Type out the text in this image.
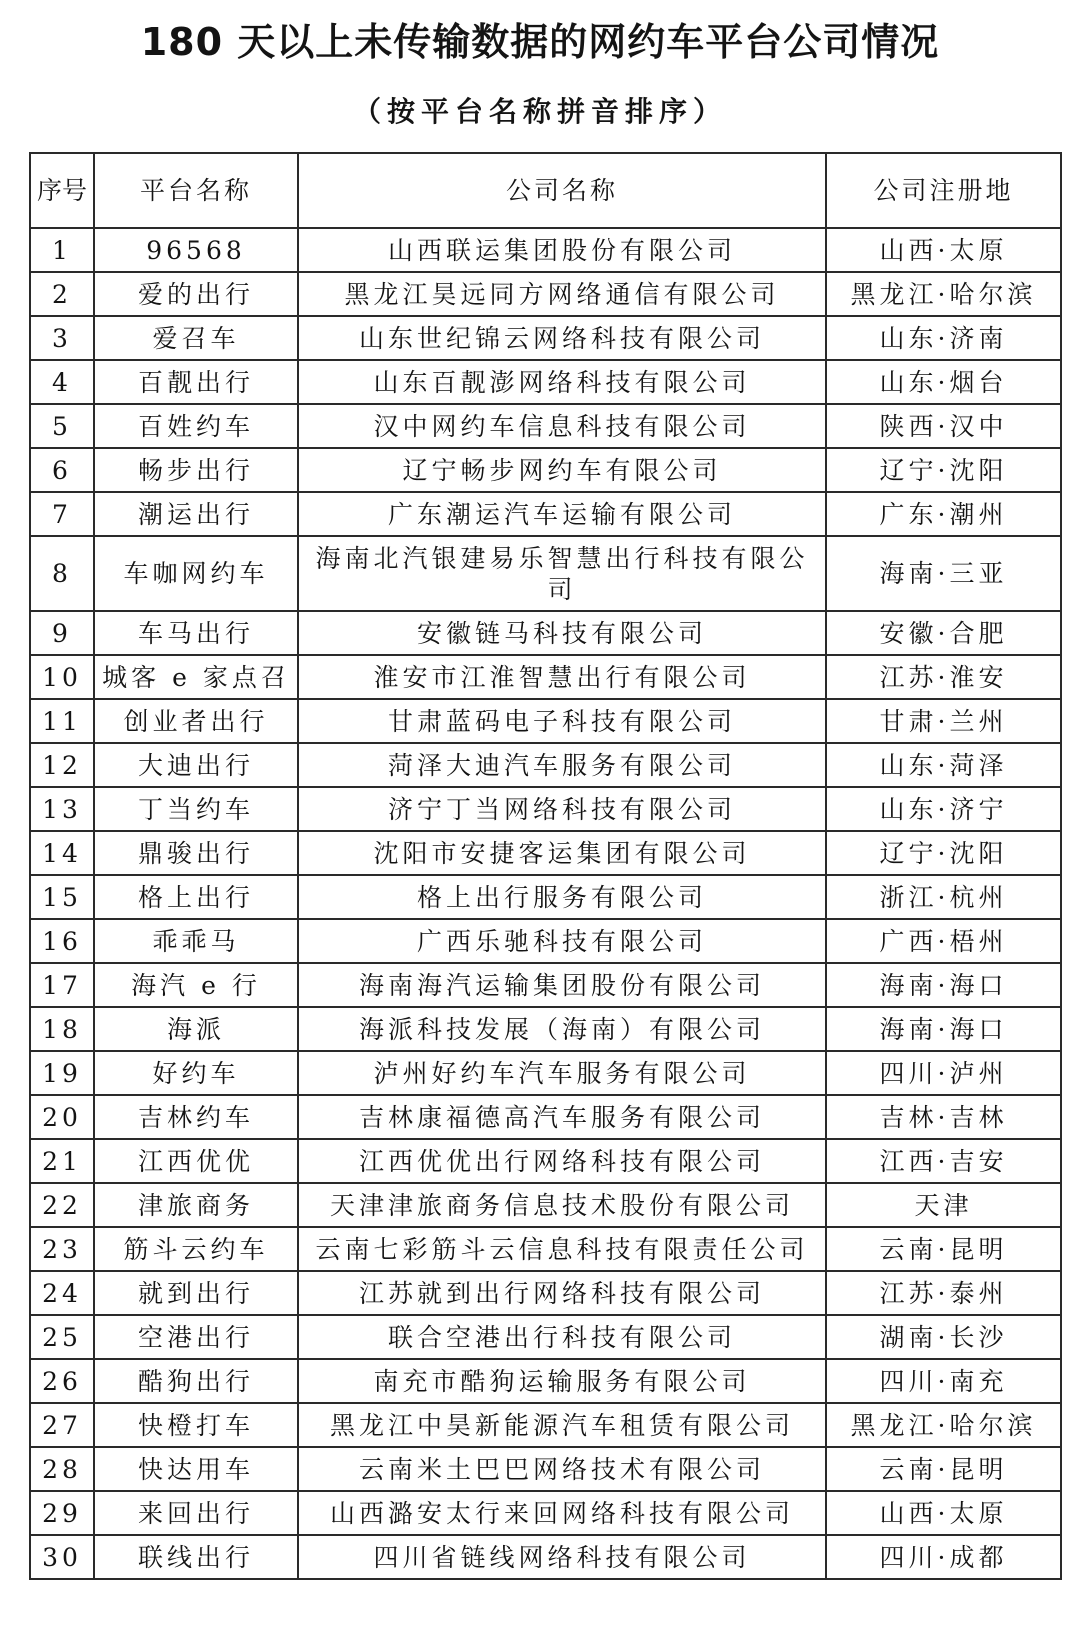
180 天以上未传输数据的网约车平台公司情况
（按平台名称拼音排序）
序号	平台名称	公司名称	公司注册地
1	96568	山西联运集团股份有限公司	山西·太原
2	爱的出行	黑龙江昊远同方网络通信有限公司	黑龙江·哈尔滨
3	爱召车	山东世纪锦云网络科技有限公司	山东·济南
4	百靓出行	山东百靓澎网络科技有限公司	山东·烟台
5	百姓约车	汉中网约车信息科技有限公司	陕西·汉中
6	畅步出行	辽宁畅步网约车有限公司	辽宁·沈阳
7	潮运出行	广东潮运汽车运输有限公司	广东·潮州
8	车咖网约车	海南北汽银建易乐智慧出行科技有限公司	海南·三亚
9	车马出行	安徽链马科技有限公司	安徽·合肥
10	城客 e 家点召	淮安市江淮智慧出行有限公司	江苏·淮安
11	创业者出行	甘肃蓝码电子科技有限公司	甘肃·兰州
12	大迪出行	菏泽大迪汽车服务有限公司	山东·菏泽
13	丁当约车	济宁丁当网络科技有限公司	山东·济宁
14	鼎骏出行	沈阳市安捷客运集团有限公司	辽宁·沈阳
15	格上出行	格上出行服务有限公司	浙江·杭州
16	乖乖马	广西乐驰科技有限公司	广西·梧州
17	海汽 e 行	海南海汽运输集团股份有限公司	海南·海口
18	海派	海派科技发展（海南）有限公司	海南·海口
19	好约车	泸州好约车汽车服务有限公司	四川·泸州
20	吉林约车	吉林康福德高汽车服务有限公司	吉林·吉林
21	江西优优	江西优优出行网络科技有限公司	江西·吉安
22	津旅商务	天津津旅商务信息技术股份有限公司	天津
23	筋斗云约车	云南七彩筋斗云信息科技有限责任公司	云南·昆明
24	就到出行	江苏就到出行网络科技有限公司	江苏·泰州
25	空港出行	联合空港出行科技有限公司	湖南·长沙
26	酷狗出行	南充市酷狗运输服务有限公司	四川·南充
27	快橙打车	黑龙江中昊新能源汽车租赁有限公司	黑龙江·哈尔滨
28	快达用车	云南米土巴巴网络技术有限公司	云南·昆明
29	来回出行	山西潞安太行来回网络科技有限公司	山西·太原
30	联线出行	四川省链线网络科技有限公司	四川·成都
